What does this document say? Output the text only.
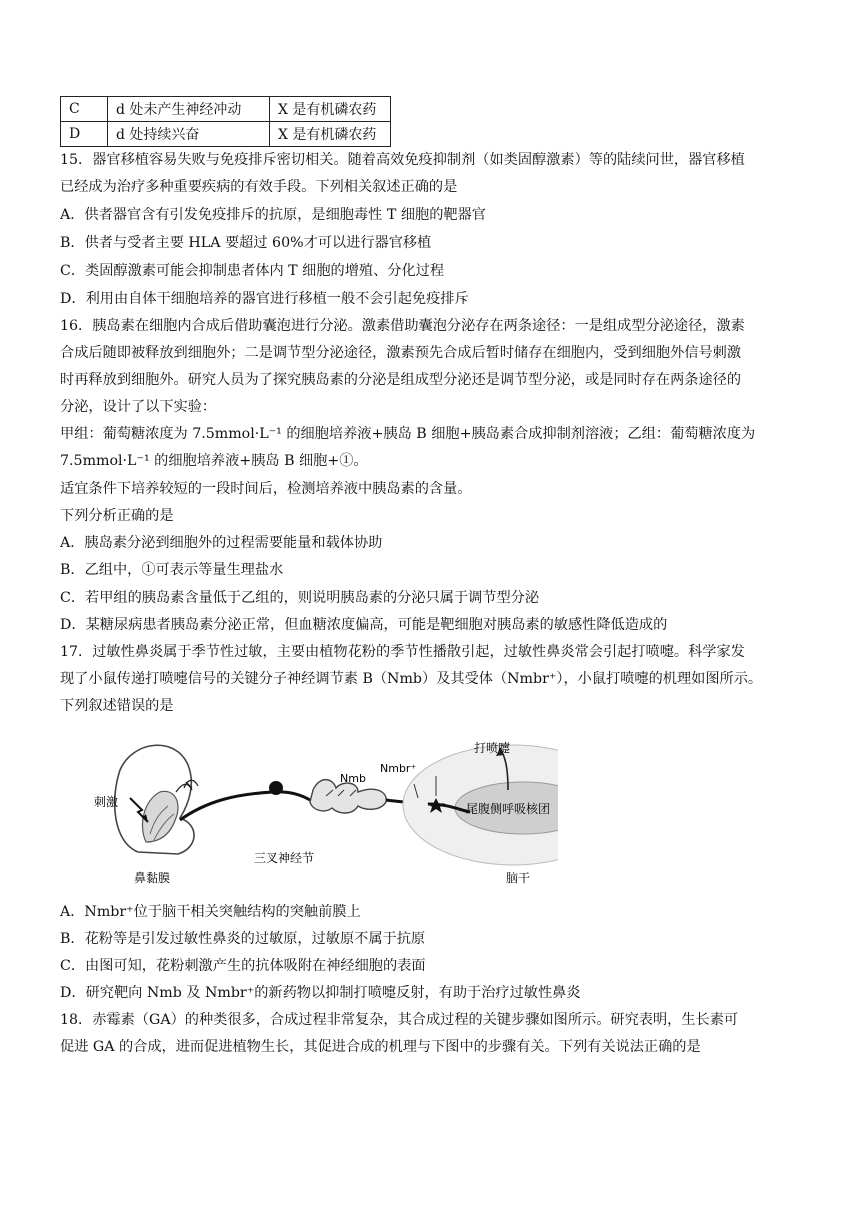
C	d 处未产生神经冲动	X 是有机磷农药
D	d 处持续兴奋	X 是有机磷农药
15．器官移植容易失败与免疫排斥密切相关。随着高效免疫抑制剂（如类固醇激素）等的陆续问世，器官移植
已经成为治疗多种重要疾病的有效手段。下列相关叙述正确的是
A．供者器官含有引发免疫排斥的抗原，是细胞毒性 T 细胞的靶器官
B．供者与受者主要 HLA 要超过 60%才可以进行器官移植
C．类固醇激素可能会抑制患者体内 T 细胞的增殖、分化过程
D．利用由自体干细胞培养的器官进行移植一般不会引起免疫排斥
16．胰岛素在细胞内合成后借助囊泡进行分泌。激素借助囊泡分泌存在两条途径：一是组成型分泌途径，激素
合成后随即被释放到细胞外；二是调节型分泌途径，激素预先合成后暂时储存在细胞内，受到细胞外信号刺激
时再释放到细胞外。研究人员为了探究胰岛素的分泌是组成型分泌还是调节型分泌，或是同时存在两条途径的
分泌，设计了以下实验：
甲组：葡萄糖浓度为 7.5mmol·L⁻¹ 的细胞培养液+胰岛 B 细胞+胰岛素合成抑制剂溶液；乙组：葡萄糖浓度为
7.5mmol·L⁻¹ 的细胞培养液+胰岛 B 细胞+①。
适宜条件下培养较短的一段时间后，检测培养液中胰岛素的含量。
下列分析正确的是
A．胰岛素分泌到细胞外的过程需要能量和载体协助
B．乙组中，①可表示等量生理盐水
C．若甲组的胰岛素含量低于乙组的，则说明胰岛素的分泌只属于调节型分泌
D．某糖尿病患者胰岛素分泌正常，但血糖浓度偏高，可能是靶细胞对胰岛素的敏感性降低造成的
17．过敏性鼻炎属于季节性过敏，主要由植物花粉的季节性播散引起，过敏性鼻炎常会引起打喷嚏。科学家发
现了小鼠传递打喷嚏信号的关键分子神经调节素 B（Nmb）及其受体（Nmbr⁺），小鼠打喷嚏的机理如图所示。
下列叙述错误的是
刺激
鼻黏膜
三叉神经节
Nmb
Nmbr⁺
打喷嚏
尾腹侧呼吸核团
脑干
A．Nmbr⁺位于脑干相关突触结构的突触前膜上
B．花粉等是引发过敏性鼻炎的过敏原，过敏原不属于抗原
C．由图可知，花粉刺激产生的抗体吸附在神经细胞的表面
D．研究靶向 Nmb 及 Nmbr⁺的新药物以抑制打喷嚏反射，有助于治疗过敏性鼻炎
18．赤霉素（GA）的种类很多，合成过程非常复杂，其合成过程的关键步骤如图所示。研究表明，生长素可
促进 GA 的合成，进而促进植物生长，其促进合成的机理与下图中的步骤有关。下列有关说法正确的是
